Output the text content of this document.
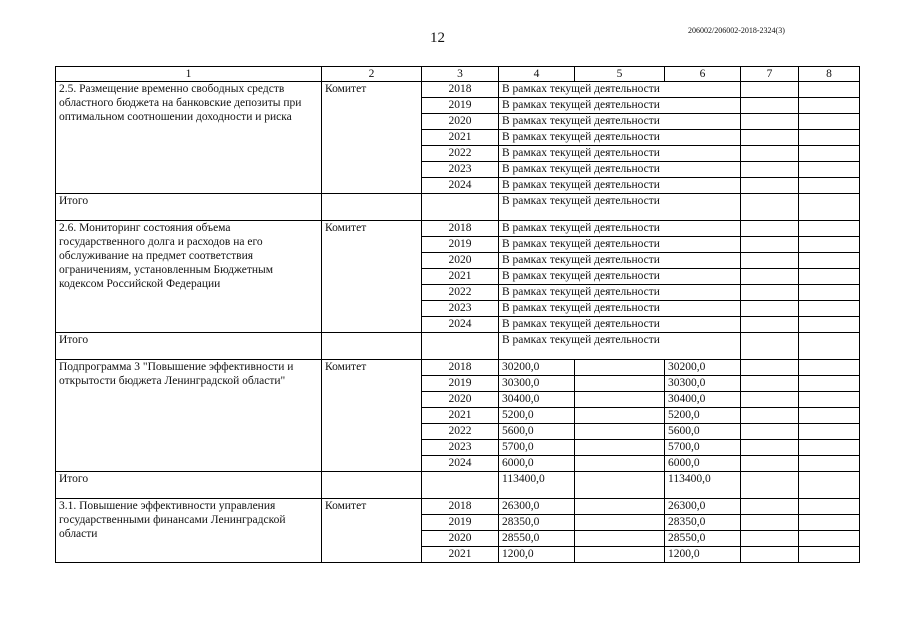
12	206002/206002-2018-2324(3)
1	2	3	4	5	6	7	8
2.5. Размещение временно свободных средств областного бюджета на банковские депозиты при оптимальном соотношении доходности и риска	Комитет	2018	В рамках текущей деятельности				
		2019	В рамках текущей деятельности				
		2020	В рамках текущей деятельности				
		2021	В рамках текущей деятельности				
		2022	В рамках текущей деятельности				
		2023	В рамках текущей деятельности				
		2024	В рамках текущей деятельности				
Итого			В рамках текущей деятельности				
2.6. Мониторинг состояния объема государственного долга и расходов на его обслуживание на предмет соответствия ограничениям, установленным Бюджетным кодексом Российской Федерации	Комитет	2018	В рамках текущей деятельности				
		2019	В рамках текущей деятельности				
		2020	В рамках текущей деятельности				
		2021	В рамках текущей деятельности				
		2022	В рамках текущей деятельности				
		2023	В рамках текущей деятельности				
		2024	В рамках текущей деятельности				
Итого			В рамках текущей деятельности				
Подпрограмма 3 "Повышение эффективности и открытости бюджета Ленинградской области"	Комитет	2018	30200,0		30200,0		
		2019	30300,0		30300,0		
		2020	30400,0		30400,0		
		2021	5200,0		5200,0		
		2022	5600,0		5600,0		
		2023	5700,0		5700,0		
		2024	6000,0		6000,0		
Итого			113400,0		113400,0		
3.1. Повышение эффективности управления государственными финансами Ленинградской области	Комитет	2018	26300,0		26300,0		
		2019	28350,0		28350,0		
		2020	28550,0		28550,0		
		2021	1200,0		1200,0		
